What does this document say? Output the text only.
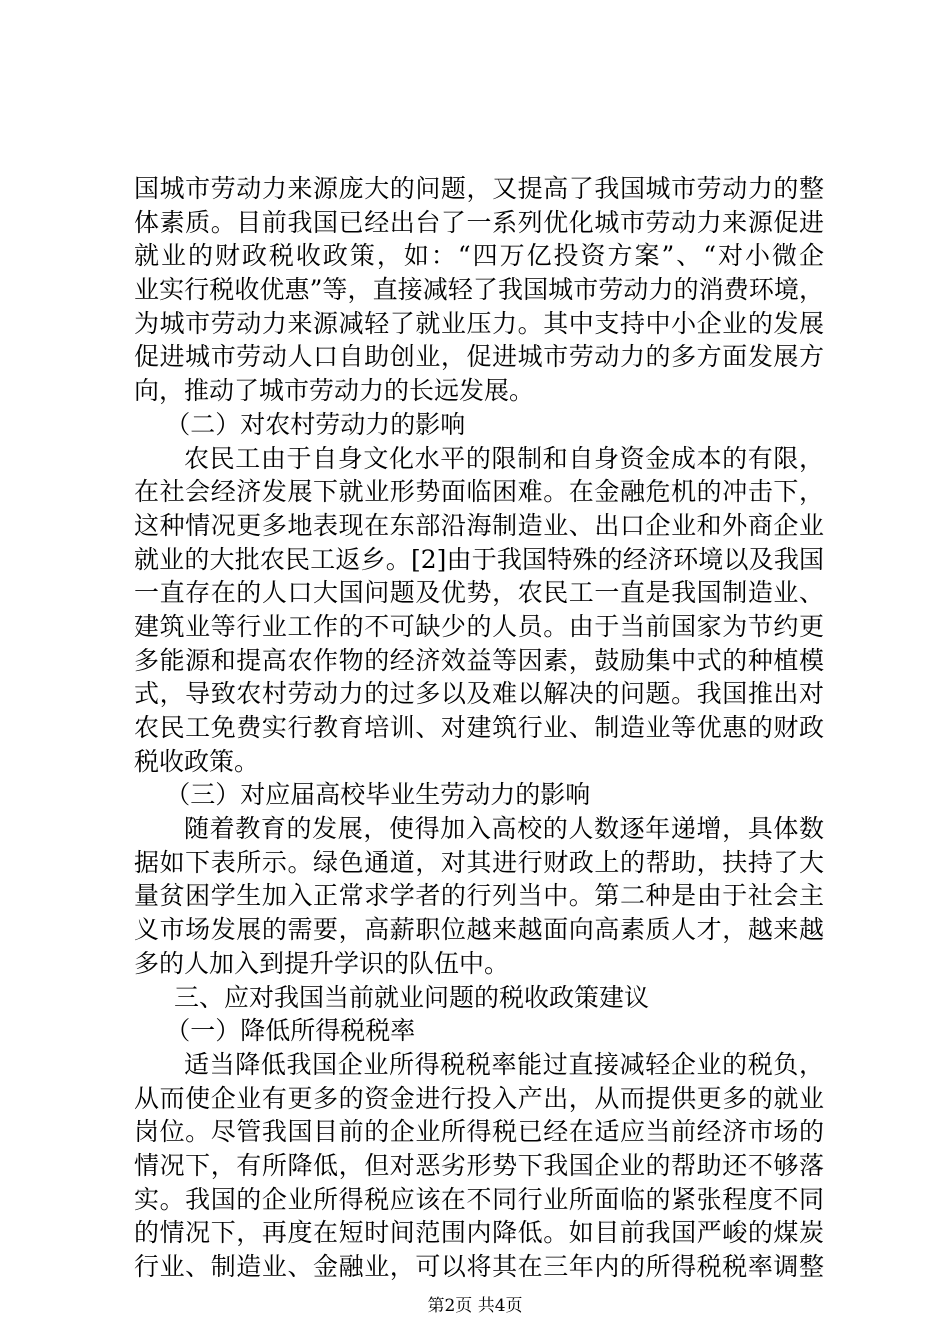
国城市劳动力来源庞大的问题，又提高了我国城市劳动力的整
体素质。目前我国已经出台了一系列优化城市劳动力来源促进
就业的财政税收政策，如：“四万亿投资方案”、“对小微企
业实行税收优惠”等，直接减轻了我国城市劳动力的消费环境，
为城市劳动力来源减轻了就业压力。其中支持中小企业的发展
促进城市劳动人口自助创业，促进城市劳动力的多方面发展方
向，推动了城市劳动力的长远发展。
（二）对农村劳动力的影响
农民工由于自身文化水平的限制和自身资金成本的有限，
在社会经济发展下就业形势面临困难。在金融危机的冲击下，
这种情况更多地表现在东部沿海制造业、出口企业和外商企业
就业的大批农民工返乡。[2]由于我国特殊的经济环境以及我国
一直存在的人口大国问题及优势，农民工一直是我国制造业、
建筑业等行业工作的不可缺少的人员。由于当前国家为节约更
多能源和提高农作物的经济效益等因素，鼓励集中式的种植模
式，导致农村劳动力的过多以及难以解决的问题。我国推出对
农民工免费实行教育培训、对建筑行业、制造业等优惠的财政
税收政策。
（三）对应届高校毕业生劳动力的影响
随着教育的发展，使得加入高校的人数逐年递增，具体数
据如下表所示。绿色通道，对其进行财政上的帮助，扶持了大
量贫困学生加入正常求学者的行列当中。第二种是由于社会主
义市场发展的需要，高薪职位越来越面向高素质人才，越来越
多的人加入到提升学识的队伍中。
三、应对我国当前就业问题的税收政策建议
（一）降低所得税税率
适当降低我国企业所得税税率能过直接减轻企业的税负，
从而使企业有更多的资金进行投入产出，从而提供更多的就业
岗位。尽管我国目前的企业所得税已经在适应当前经济市场的
情况下，有所降低，但对恶劣形势下我国企业的帮助还不够落
实。我国的企业所得税应该在不同行业所面临的紧张程度不同
的情况下，再度在短时间范围内降低。如目前我国严峻的煤炭
行业、制造业、金融业，可以将其在三年内的所得税税率调整
第2页 共4页
